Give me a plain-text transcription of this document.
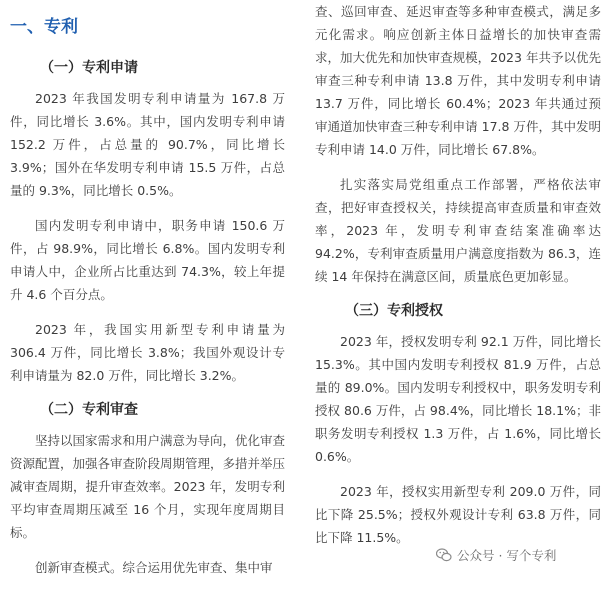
一、专利
（一）专利申请

2023 年我国发明专利申请量为 167.8 万件，同比增长 3.6%。其中，国内发明专利申请 152.2 万件，占总量的 90.7%，同比增长 3.9%；国外在华发明专利申请 15.5 万件，占总量的 9.3%，同比增长 0.5%。

国内发明专利申请中，职务申请 150.6 万件，占 98.9%，同比增长 6.8%。国内发明专利申请人中，企业所占比重达到 74.3%，较上年提升 4.6 个百分点。

2023 年，我国实用新型专利申请量为 306.4 万件，同比增长 3.8%；我国外观设计专利申请量为 82.0 万件，同比增长 3.2%。

（二）专利审查

坚持以国家需求和用户满意为导向，优化审查资源配置，加强各审查阶段周期管理，多措并举压减审查周期，提升审查效率。2023 年，发明专利平均审查周期压减至 16 个月，实现年度周期目标。

创新审查模式。综合运用优先审查、集中审

查、巡回审查、延迟审查等多种审查模式，满足多元化需求。响应创新主体日益增长的加快审查需求，加大优先和加快审查规模，2023 年共予以优先审查三种专利申请 13.8 万件，其中发明专利申请 13.7 万件，同比增长 60.4%；2023 年共通过预审通道加快审查三种专利申请 17.8 万件，其中发明专利申请 14.0 万件，同比增长 67.8%。

扎实落实局党组重点工作部署，严格依法审查，把好审查授权关，持续提高审查质量和审查效率，2023 年，发明专利审查结案准确率达 94.2%，专利审查质量用户满意度指数为 86.3，连续 14 年保持在满意区间，质量底色更加彰显。

（三）专利授权

2023 年，授权发明专利 92.1 万件，同比增长 15.3%。其中国内发明专利授权 81.9 万件，占总量的 89.0%。国内发明专利授权中，职务发明专利授权 80.6 万件，占 98.4%，同比增长 18.1%；非职务发明专利授权 1.3 万件，占 1.6%，同比增长 0.6%。

2023 年，授权实用新型专利 209.0 万件，同比下降 25.5%；授权外观设计专利 63.8 万件，同比下降 11.5%。

公众号 · 写个专利
